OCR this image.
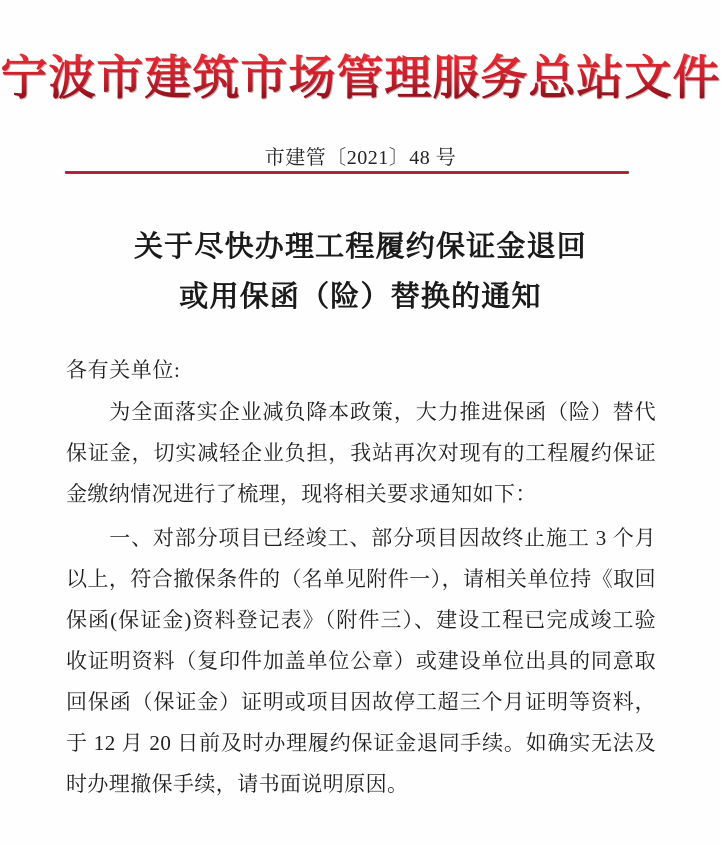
宁波市建筑市场管理服务总站文件
市建管〔2021〕48 号
关于尽快办理工程履约保证金退回
或用保函（险）替换的通知

各有关单位:

为全面落实企业减负降本政策，大力推进保函（险）替代保证金，切实减轻企业负担，我站再次对现有的工程履约保证金缴纳情况进行了梳理，现将相关要求通知如下：

一、对部分项目已经竣工、部分项目因故终止施工 3 个月以上，符合撤保条件的（名单见附件一），请相关单位持《取回保函(保证金)资料登记表》（附件三）、建设工程已完成竣工验收证明资料（复印件加盖单位公章）或建设单位出具的同意取回保函（保证金）证明或项目因故停工超三个月证明等资料，于 12 月 20 日前及时办理履约保证金退同手续。如确实无法及时办理撤保手续，请书面说明原因。
